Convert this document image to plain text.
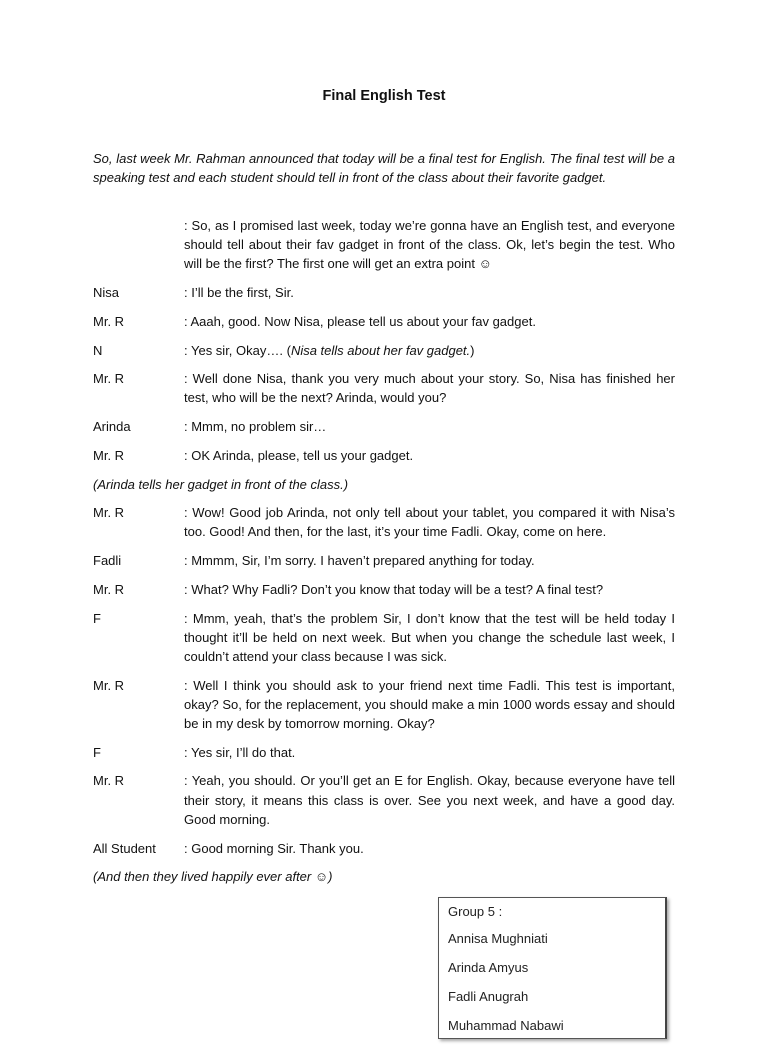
Final English Test
So, last week Mr. Rahman announced that today will be a final test for English. The final test will be a speaking test and each student should tell in front of the class about their favorite gadget.
: So, as I promised last week, today we’re gonna have an English test, and everyone should tell about their fav gadget in front of the class. Ok, let’s begin the test. Who will be the first? The first one will get an extra point ☺
Nisa	: I’ll be the first, Sir.
Mr. R	: Aaah, good. Now Nisa, please tell us about your fav gadget.
N	: Yes sir, Okay…. (Nisa tells about her fav gadget.)
Mr. R	: Well done Nisa, thank you very much about your story. So, Nisa has finished her test, who will be the next? Arinda, would you?
Arinda	: Mmm, no problem sir…
Mr. R	: OK Arinda, please, tell us your gadget.
(Arinda tells her gadget in front of the class.)
Mr. R	: Wow! Good job Arinda, not only tell about your tablet, you compared it with Nisa’s too. Good! And then, for the last, it’s your time Fadli. Okay, come on here.
Fadli	: Mmmm, Sir, I’m sorry. I haven’t prepared anything for today.
Mr. R	: What? Why Fadli? Don’t you know that today will be a test? A final test?
F	: Mmm, yeah, that’s the problem Sir, I don’t know that the test will be held today I thought it’ll be held on next week. But when you change the schedule last week, I couldn’t attend your class because I was sick.
Mr. R	: Well I think you should ask to your friend next time Fadli. This test is important, okay? So, for the replacement, you should make a min 1000 words essay and should be in my desk by tomorrow morning. Okay?
F	: Yes sir, I’ll do that.
Mr. R	: Yeah, you should. Or you’ll get an E for English. Okay, because everyone have tell their story, it means this class is over. See you next week, and have a good day. Good morning.
All Student	: Good morning Sir. Thank you.
(And then they lived happily ever after ☺)
Group 5 :
Annisa Mughniati
Arinda Amyus
Fadli Anugrah
Muhammad Nabawi
